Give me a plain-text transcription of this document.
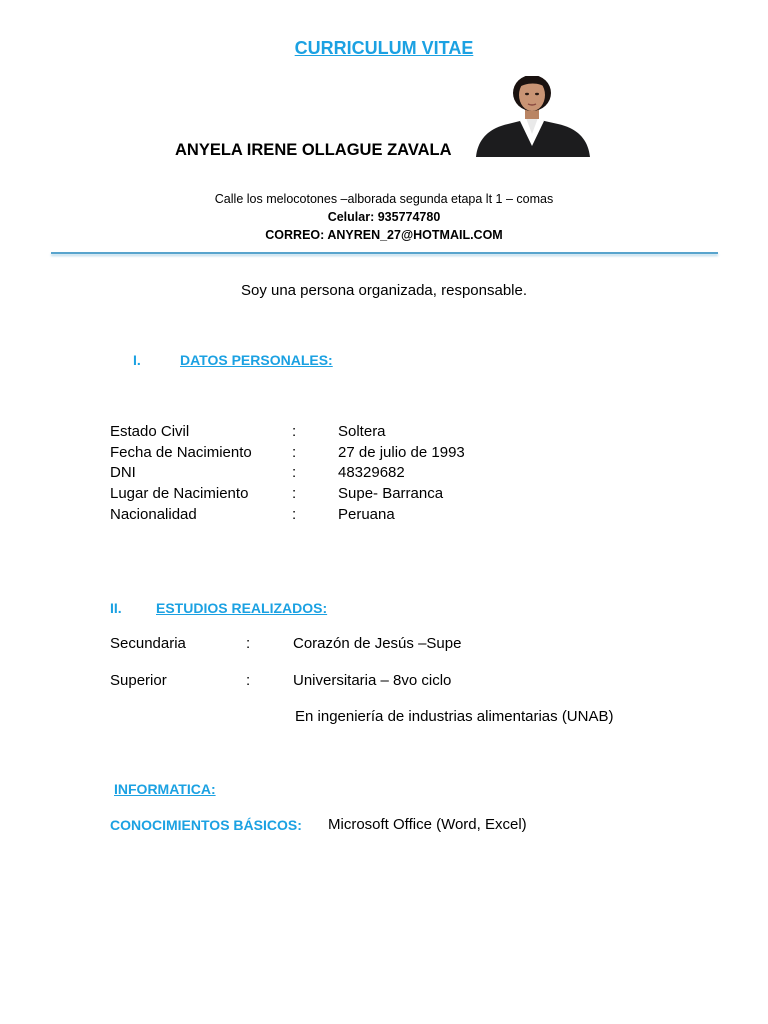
CURRICULUM VITAE
ANYELA IRENE OLLAGUE ZAVALA
Calle los melocotones –alborada segunda etapa lt 1 – comas
Celular: 935774780
CORREO: ANYREN_27@HOTMAIL.COM
Soy una persona organizada, responsable.
I.	DATOS PERSONALES:
Estado Civil	:	Soltera
Fecha de Nacimiento	:	27 de julio de 1993
DNI	:	48329682
Lugar de Nacimiento	:	Supe- Barranca
Nacionalidad	:	Peruana
II. ESTUDIOS REALIZADOS:
Secundaria	:	Corazón de Jesús –Supe
Superior	:	Universitaria – 8vo ciclo
En ingeniería de industrias alimentarias (UNAB)
INFORMATICA:
CONOCIMIENTOS BÁSICOS: Microsoft Office (Word, Excel)
